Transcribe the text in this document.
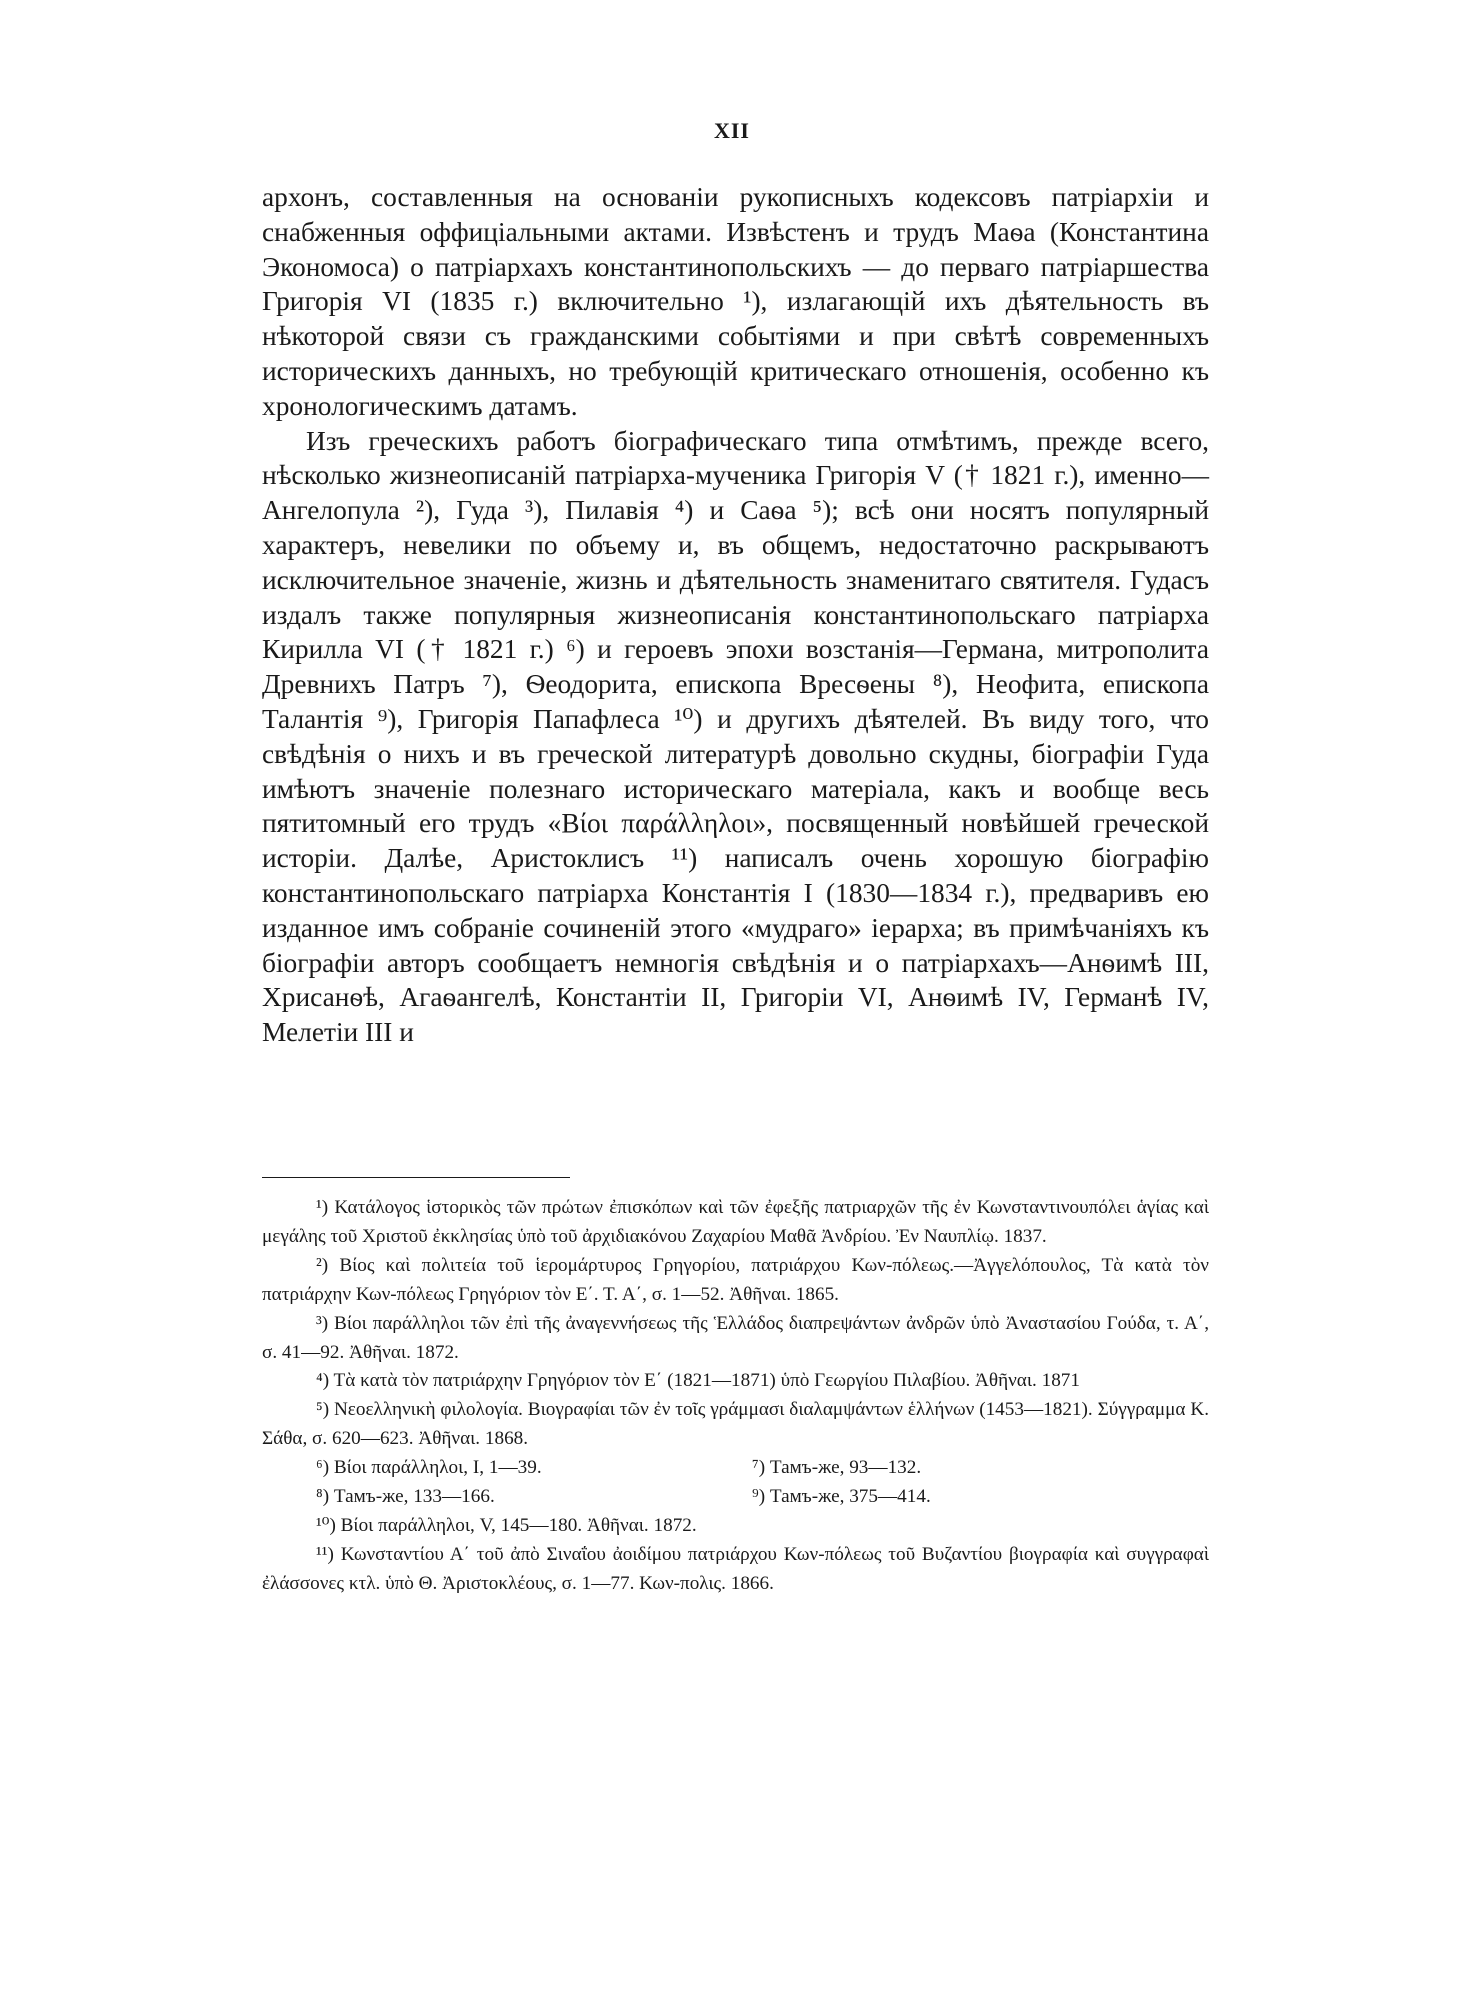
XII

архонъ, составленныя на основаніи рукописныхъ кодексовъ патріархіи и снабженныя оффиціальными актами. Извѣстенъ и трудъ Маѳа (Константина Экономоса) о патріархахъ константинопольскихъ — до перваго патріаршества Григорія VI (1835 г.) включительно ¹), излагающій ихъ дѣятельность въ нѣкоторой связи съ гражданскими событіями и при свѣтѣ современныхъ историческихъ данныхъ, но требующій критическаго отношенія, особенно къ хронологическимъ датамъ.

Изъ греческихъ работъ біографическаго типа отмѣтимъ, прежде всего, нѣсколько жизнеописаній патріарха-мученика Григорія V († 1821 г.), именно—Ангелопула ²), Гуда ³), Пилавія ⁴) и Саѳа ⁵); всѣ они носятъ популярный характеръ, невелики по объему и, въ общемъ, недостаточно раскрываютъ исключительное значеніе, жизнь и дѣятельность знаменитаго святителя. Гудасъ издалъ также популярныя жизнеописанія константинопольскаго патріарха Кирилла VI († 1821 г.) ⁶) и героевъ эпохи возстанія—Германа, митрополита Древнихъ Патръ ⁷), Ѳеодорита, епископа Вресѳены ⁸), Неофита, епископа Талантія ⁹), Григорія Папафлеса ¹⁰) и другихъ дѣятелей. Въ виду того, что свѣдѣнія о нихъ и въ греческой литературѣ довольно скудны, біографіи Гуда имѣютъ значеніе полезнаго историческаго матеріала, какъ и вообще весь пятитомный его трудъ «Βίοι παράλληλοι», посвященный новѣйшей греческой исторіи. Далѣе, Аристоклисъ ¹¹) написалъ очень хорошую біографію константинопольскаго патріарха Константія I (1830—1834 г.), предваривъ ею изданное имъ собраніе сочиненій этого «мудраго» іерарха; въ примѣчаніяхъ къ біографіи авторъ сообщаетъ немногія свѣдѣнія и о патріархахъ—Анѳимѣ III, Хрисанѳѣ, Агаѳангелѣ, Константіи II, Григоріи VI, Анѳимѣ IV, Германѣ IV, Мелетіи III и

¹) Κατάλογος ἱστορικὸς τῶν πρώτων ἐπισκόπων καὶ τῶν ἐφεξῆς πατριαρχῶν τῆς ἐν Κωνσταντινουπόλει ἁγίας καὶ μεγάλης τοῦ Χριστοῦ ἐκκλησίας ὑπὸ τοῦ ἀρχιδιακόνου Ζαχαρίου Μαθᾶ Ἀνδρίου. Ἐν Ναυπλίῳ. 1837.

²) Βίος καὶ πολιτεία τοῦ ἱερομάρτυρος Γρηγορίου, πατριάρχου Κων-πόλεως.—Ἀγγελόπουλος, Τὰ κατὰ τὸν πατριάρχην Κων-πόλεως Γρηγόριον τὸν Ε΄. Τ. Α΄, σ. 1—52. Ἀθῆναι. 1865.

³) Βίοι παράλληλοι τῶν ἐπὶ τῆς ἀναγεννήσεως τῆς Ἑλλάδος διαπρεψάντων ἀνδρῶν ὑπὸ Ἀναστασίου Γούδα, τ. Α΄, σ. 41—92. Ἀθῆναι. 1872.

⁴) Τὰ κατὰ τὸν πατριάρχην Γρηγόριον τὸν Ε΄ (1821—1871) ὑπὸ Γεωργίου Πιλαβίου. Ἀθῆναι. 1871

⁵) Νεοελληνικὴ φιλολογία. Βιογραφίαι τῶν ἐν τοῖς γράμμασι διαλαμψάντων ἑλλήνων (1453—1821). Σύγγραμμα Κ. Σάθα, σ. 620—623. Ἀθῆναι. 1868.

⁶) Βίοι παράλληλοι, I, 1—39.	⁷) Тамъ-же, 93—132.
⁸) Тамъ-же, 133—166.	⁹) Тамъ-же, 375—414.

¹⁰) Βίοι παράλληλοι, V, 145—180. Ἀθῆναι. 1872.

¹¹) Κωνσταντίου Α΄ τοῦ ἀπὸ Σιναΐου ἀοιδίμου πατριάρχου Κων-πόλεως τοῦ Βυζαντίου βιογραφία καὶ συγγραφαὶ ἐλάσσονες κτλ. ὑπὸ Θ. Ἀριστοκλέους, σ. 1—77. Κων-πολις. 1866.
